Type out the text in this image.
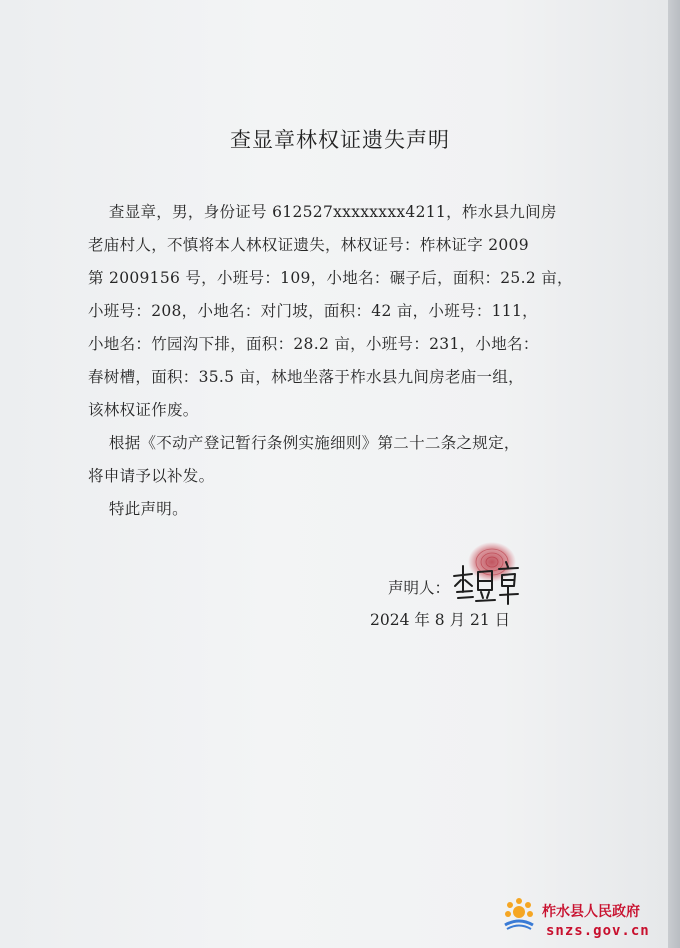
查显章林权证遗失声明
查显章，男，身份证号 612527xxxxxxxx4211，柞水县九间房
老庙村人，不慎将本人林权证遗失，林权证号：柞林证字 2009
第 2009156 号，小班号：109，小地名：碾子后，面积：25.2 亩，
小班号：208，小地名：对门坡，面积：42 亩，小班号：111，
小地名：竹园沟下排，面积：28.2 亩，小班号：231，小地名：
春树槽，面积：35.5 亩，林地坐落于柞水县九间房老庙一组，
该林权证作废。
根据《不动产登记暂行条例实施细则》第二十二条之规定，
将申请予以补发。
特此声明。
声明人：
2024 年 8 月 21 日
柞水县人民政府
snzs.gov.cn
